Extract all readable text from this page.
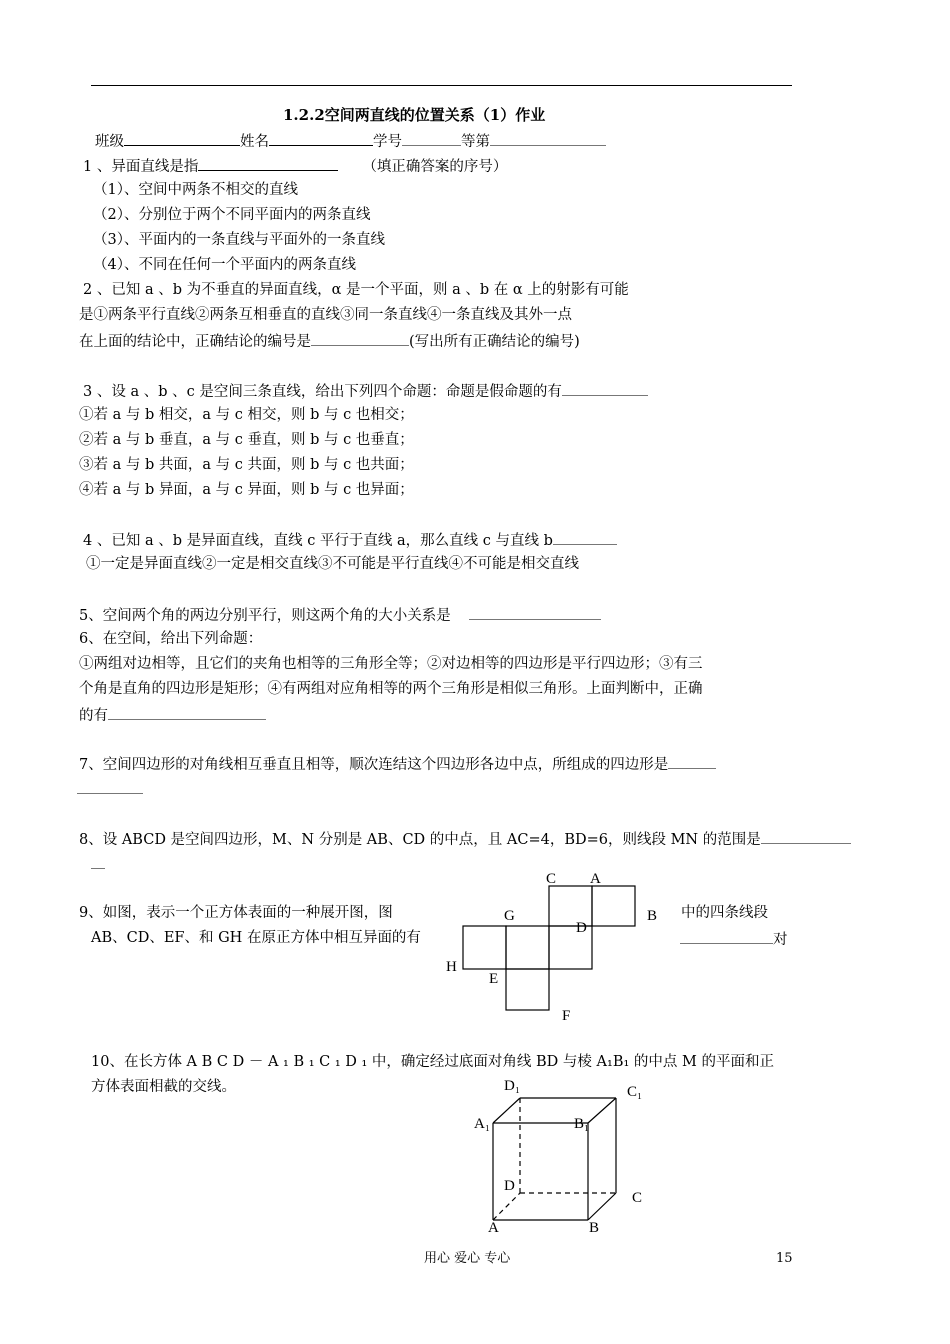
1.2.2空间两直线的位置关系（1）作业
班级	姓名	学号	等第
1 、异面直线是指	（填正确答案的序号）
（1）、空间中两条不相交的直线
（2）、分别位于两个不同平面内的两条直线
（3）、平面内的一条直线与平面外的一条直线
（4）、不同在任何一个平面内的两条直线
2 、已知 a 、b 为不垂直的异面直线，α 是一个平面，则 a 、b 在 α 上的射影有可能
是①两条平行直线②两条互相垂直的直线③同一条直线④一条直线及其外一点
在上面的结论中，正确结论的编号是	(写出所有正确结论的编号)
3 、设 a 、b 、c 是空间三条直线，给出下列四个命题：命题是假命题的有
①若 a 与 b 相交，a 与 c 相交，则 b 与 c 也相交；
②若 a 与 b 垂直，a 与 c 垂直，则 b 与 c 也垂直；
③若 a 与 b 共面，a 与 c 共面，则 b 与 c 也共面；
④若 a 与 b 异面，a 与 c 异面，则 b 与 c 也异面；
4 、已知 a 、b 是异面直线，直线 c 平行于直线 a，那么直线 c 与直线 b
①一定是异面直线②一定是相交直线③不可能是平行直线④不可能是相交直线
5、空间两个角的两边分别平行，则这两个角的大小关系是
6、在空间，给出下列命题：
①两组对边相等，且它们的夹角也相等的三角形全等；②对边相等的四边形是平行四边形；③有三
个角是直角的四边形是矩形；④有两组对应角相等的两个三角形是相似三角形。上面判断中，正确
的有
7、空间四边形的对角线相互垂直且相等，顺次连结这个四边形各边中点，所组成的四边形是
8、设 ABCD 是空间四边形，M、N 分别是 AB、CD 的中点，且 AC=4，BD=6，则线段 MN 的范围是
9、如图，表示一个正方体表面的一种展开图，图	中的四条线段
AB、CD、EF、和 GH 在原正方体中相互异面的有	对
C A
B
G
D
H
E
F
10、在长方体 A B C D － A ₁ B ₁ C ₁ D ₁ 中，确定经过底面对角线 BD 与棱 A₁B₁ 的中点 M 的平面和正
方体表面相截的交线。	D₁	C₁
A₁	B₁
D
C
A	B
用心 爱心 专心	15
